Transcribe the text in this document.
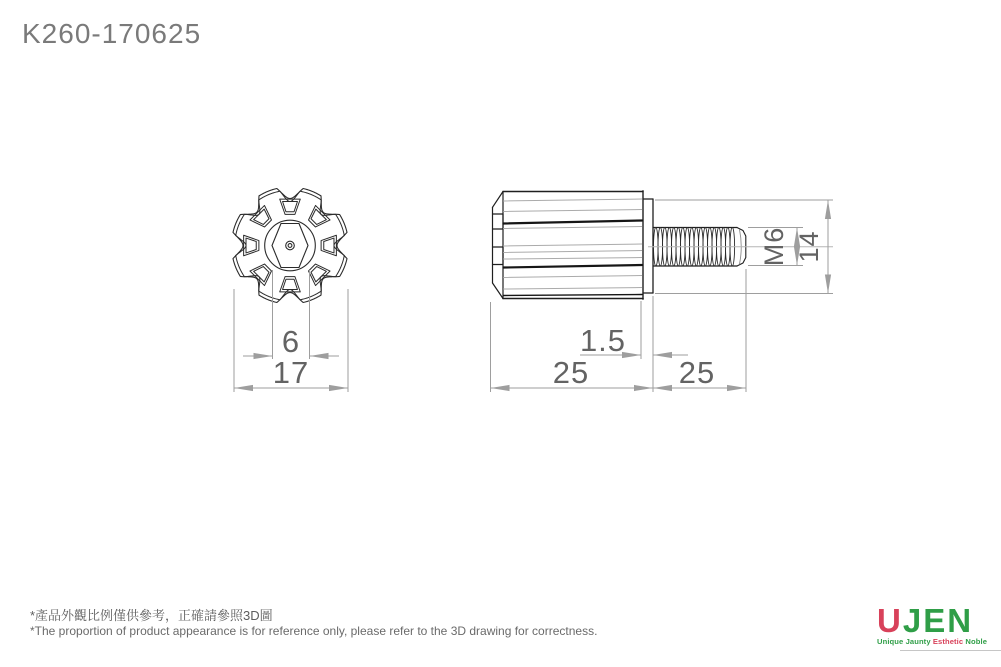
K260-170625
6
17
1.5
25	25
M6 14
*產品外觀比例僅供參考，正確請參照3D圖
*The proportion of product appearance is for reference only, please refer to the 3D drawing for correctness.	UJEN
Unique Jaunty Esthetic Noble
